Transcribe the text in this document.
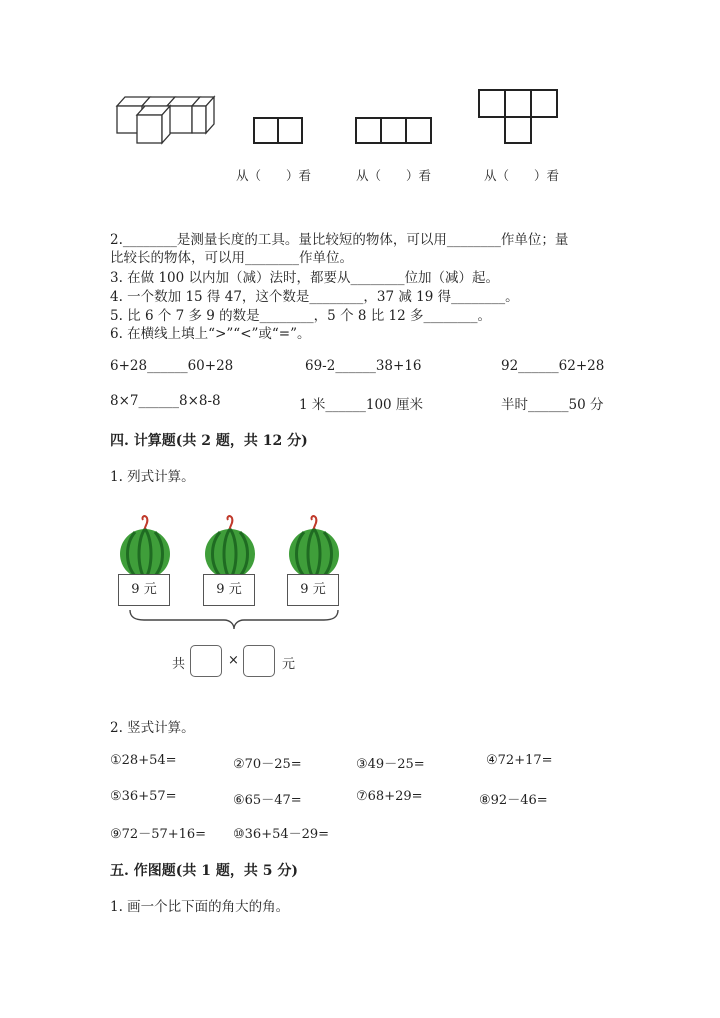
从（　　）看	从（　　）看	从（　　）看
2.________是测量长度的工具。量比较短的物体，可以用________作单位；量
比较长的物体，可以用________作单位。
3. 在做 100 以内加（减）法时，都要从________位加（减）起。
4. 一个数加 15 得 47，这个数是________，37 减 19 得________。
5. 比 6 个 7 多 9 的数是________，5 个 8 比 12 多________。
6. 在横线上填上“>”“<”或“=”。
6+28______60+28	69-2______38+16	92______62+28
8×7______8×8-8	1 米______100 厘米	半时______50 分
四. 计算题(共 2 题，共 12 分)
1. 列式计算。
9 元	9 元	9 元
共	×	元
2. 竖式计算。
①28+54=	②70－25=	③49－25=	④72+17=
⑤36+57=	⑥65－47=	⑦68+29=	⑧92－46=
⑨72－57+16= ⑩36+54－29=
五. 作图题(共 1 题，共 5 分)
1. 画一个比下面的角大的角。
